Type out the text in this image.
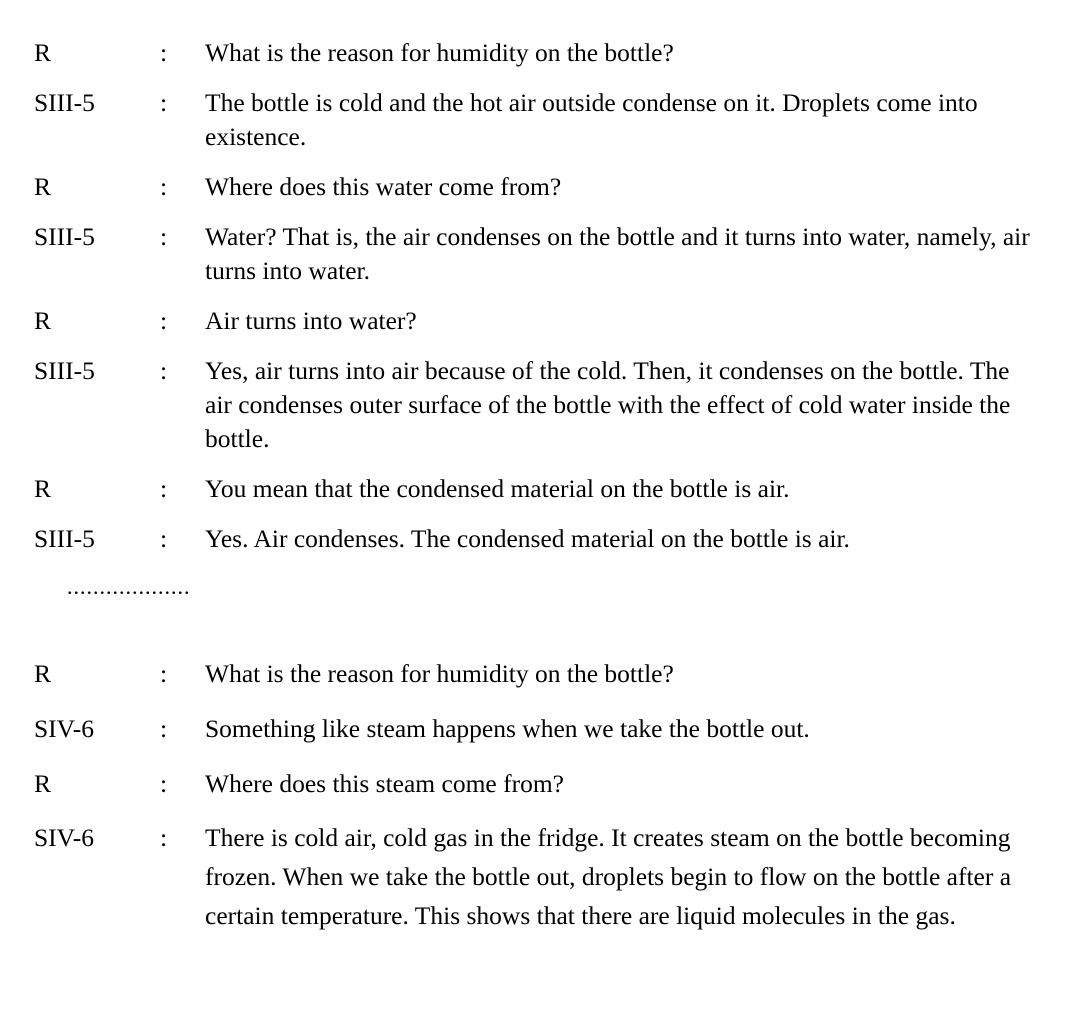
R	: What is the reason for humidity on the bottle?
SIII-5	: The bottle is cold and the hot air outside condense on it. Droplets come into existence.
R	: Where does this water come from?
SIII-5	: Water? That is, the air condenses on the bottle and it turns into water, namely, air turns into water.
R	: Air turns into water?
SIII-5	: Yes, air turns into air because of the cold. Then, it condenses on the bottle. The air condenses outer surface of the bottle with the effect of cold water inside the bottle.
R	: You mean that the condensed material on the bottle is air.
SIII-5	: Yes. Air condenses. The condensed material on the bottle is air.
...................
R	: What is the reason for humidity on the bottle?
SIV-6	: Something like steam happens when we take the bottle out.
R	: Where does this steam come from?
SIV-6	: There is cold air, cold gas in the fridge. It creates steam on the bottle becoming frozen. When we take the bottle out, droplets begin to flow on the bottle after a certain temperature. This shows that there are liquid molecules in the gas.
